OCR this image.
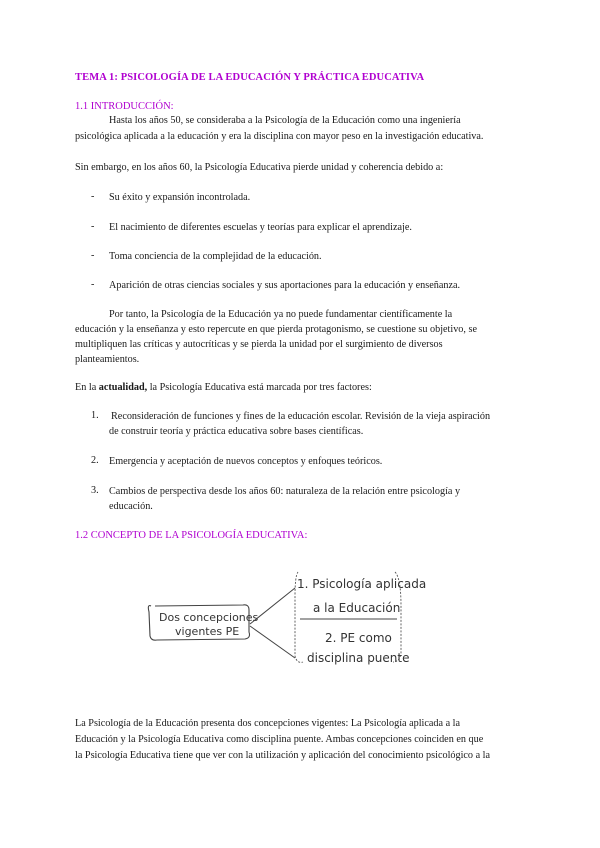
TEMA 1: PSICOLOGÍA DE LA EDUCACIÓN Y PRÁCTICA EDUCATIVA
1.1 INTRODUCCIÓN:
Hasta los años 50, se consideraba a la Psicología de la Educación como una ingeniería
psicológica aplicada a la educación y era la disciplina con mayor peso en la investigación educativa.
Sin embargo, en los años 60, la Psicología Educativa pierde unidad y coherencia debido a:
- Su éxito y expansión incontrolada.
- El nacimiento de diferentes escuelas y teorías para explicar el aprendizaje.
- Toma conciencia de la complejidad de la educación.
- Aparición de otras ciencias sociales y sus aportaciones para la educación y enseñanza.
Por tanto, la Psicología de la Educación ya no puede fundamentar científicamente la
educación y la enseñanza y esto repercute en que pierda protagonismo, se cuestione su objetivo, se
multipliquen las críticas y autocríticas y se pierda la unidad por el surgimiento de diversos
planteamientos.
En la actualidad, la Psicología Educativa está marcada por tres factores:
1. Reconsideración de funciones y fines de la educación escolar. Revisión de la vieja aspiración
de construir teoría y práctica educativa sobre bases científicas.
2. Emergencia y aceptación de nuevos conceptos y enfoques teóricos.
3. Cambios de perspectiva desde los años 60: naturaleza de la relación entre psicología y
educación.
1.2 CONCEPTO DE LA PSICOLOGÍA EDUCATIVA:
Dos concepciones
vigentes PE
1. Psicología aplicada
a la Educación
2. PE como
disciplina puente
La Psicología de la Educación presenta dos concepciones vigentes: La Psicología aplicada a la
Educación y la Psicología Educativa como disciplina puente. Ambas concepciones coinciden en que
la Psicología Educativa tiene que ver con la utilización y aplicación del conocimiento psicológico a la
